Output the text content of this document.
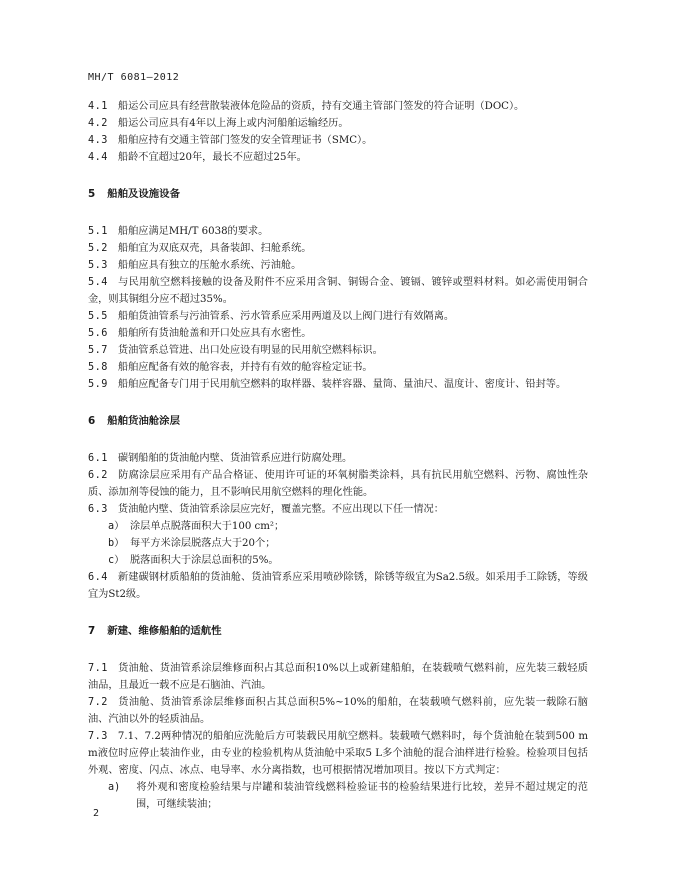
MH/T 6081—2012

4.1 船运公司应具有经营散装液体危险品的资质，持有交通主管部门签发的符合证明（DOC）。

4.2 船运公司应具有4年以上海上或内河船舶运输经历。

4.3 船舶应持有交通主管部门签发的安全管理证书（SMC）。

4.4 船龄不宜超过20年，最长不应超过25年。

5 船舶及设施设备

5.1 船舶应满足MH/T 6038的要求。

5.2 船舶宜为双底双壳，具备装卸、扫舱系统。

5.3 船舶应具有独立的压舱水系统、污油舱。

5.4 与民用航空燃料接触的设备及附件不应采用含铜、铜锡合金、镀镉、镀锌或塑料材料。如必需使用铜合金，则其铜组分应不超过35%。

5.5 船舶货油管系与污油管系、污水管系应采用两道及以上阀门进行有效隔离。

5.6 船舶所有货油舱盖和开口处应具有水密性。

5.7 货油管系总管进、出口处应设有明显的民用航空燃料标识。

5.8 船舶应配备有效的舱容表，并持有有效的舱容检定证书。

5.9 船舶应配备专门用于民用航空燃料的取样器、装样容器、量筒、量油尺、温度计、密度计、铅封等。

6 船舶货油舱涂层

6.1 碳钢船舶的货油舱内壁、货油管系应进行防腐处理。

6.2 防腐涂层应采用有产品合格证、使用许可证的环氧树脂类涂料，具有抗民用航空燃料、污物、腐蚀性杂质、添加剂等侵蚀的能力，且不影响民用航空燃料的理化性能。

6.3 货油舱内壁、货油管系涂层应完好，覆盖完整。不应出现以下任一情况：

a） 涂层单点脱落面积大于100 cm²；

b） 每平方米涂层脱落点大于20个；

c） 脱落面积大于涂层总面积的5%。

6.4 新建碳钢材质船舶的货油舱、货油管系应采用喷砂除锈，除锈等级宜为Sa2.5级。如采用手工除锈，等级宜为St2级。

7 新建、维修船舶的适航性

7.1 货油舱、货油管系涂层维修面积占其总面积10%以上或新建船舶，在装载喷气燃料前，应先装三载轻质油品，且最近一载不应是石脑油、汽油。

7.2 货油舱、货油管系涂层维修面积占其总面积5%~10%的船舶，在装载喷气燃料前，应先装一载除石脑油、汽油以外的轻质油品。

7.3 7.1、7.2两种情况的船舶应洗舱后方可装载民用航空燃料。装载喷气燃料时，每个货油舱在装到500 mm液位时应停止装油作业，由专业的检验机构从货油舱中采取5 L多个油舱的混合油样进行检验。检验项目包括外观、密度、闪点、冰点、电导率、水分离指数，也可根据情况增加项目。按以下方式判定：

a) 将外观和密度检验结果与岸罐和装油管线燃料检验证书的检验结果进行比较，差异不超过规定的范围，可继续装油；

2
